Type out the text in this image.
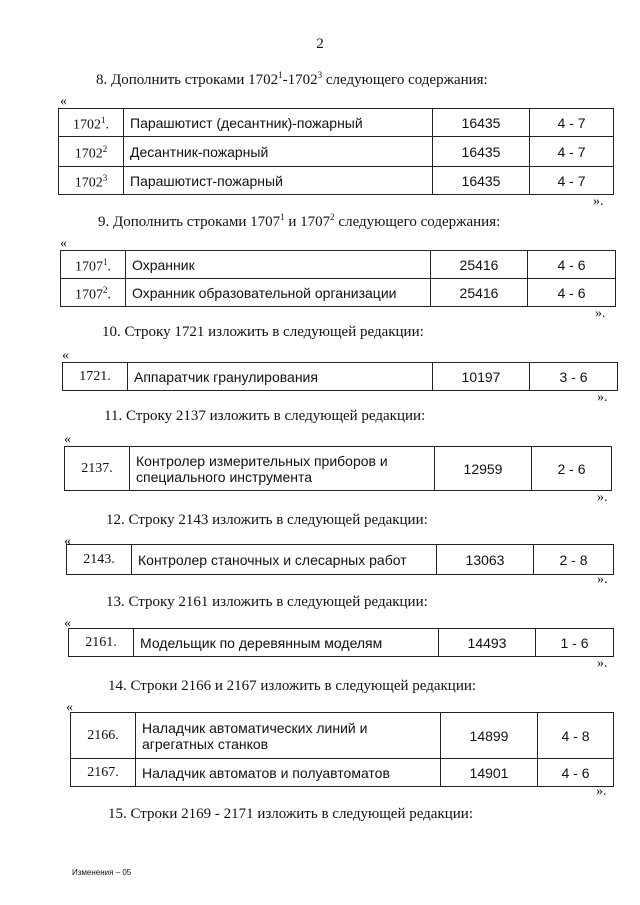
2
8. Дополнить строками 1702$^1$-1702$^3$ следующего содержания:
«
1702$^1$.	Парашютист (десантник)-пожарный	16435	4 - 7
1702$^2$	Десантник-пожарный	16435	4 - 7
1702$^3$	Парашютист-пожарный	16435	4 - 7
».
9. Дополнить строками 1707$^1$ и 1707$^2$ следующего содержания:
«
1707$^1$.	Охранник	25416	4 - 6
1707$^2$.	Охранник образовательной организации	25416	4 - 6
».
10. Строку 1721 изложить в следующей редакции:
«
1721.	Аппаратчик гранулирования	10197	3 - 6
».
11. Строку 2137 изложить в следующей редакции:
«
2137.	Контролер измерительных приборов и специального инструмента	12959	2 - 6
».
12. Строку 2143 изложить в следующей редакции:
«
2143.	Контролер станочных и слесарных работ	13063	2 - 8
».
13. Строку 2161 изложить в следующей редакции:
«
2161.	Модельщик по деревянным моделям	14493	1 - 6
».
14. Строки 2166 и 2167 изложить в следующей редакции:
«
2166.	Наладчик автоматических линий и агрегатных станков	14899	4 - 8
2167.	Наладчик автоматов и полуавтоматов	14901	4 - 6
».
15. Строки 2169 - 2171 изложить в следующей редакции:
Изменения – 05
